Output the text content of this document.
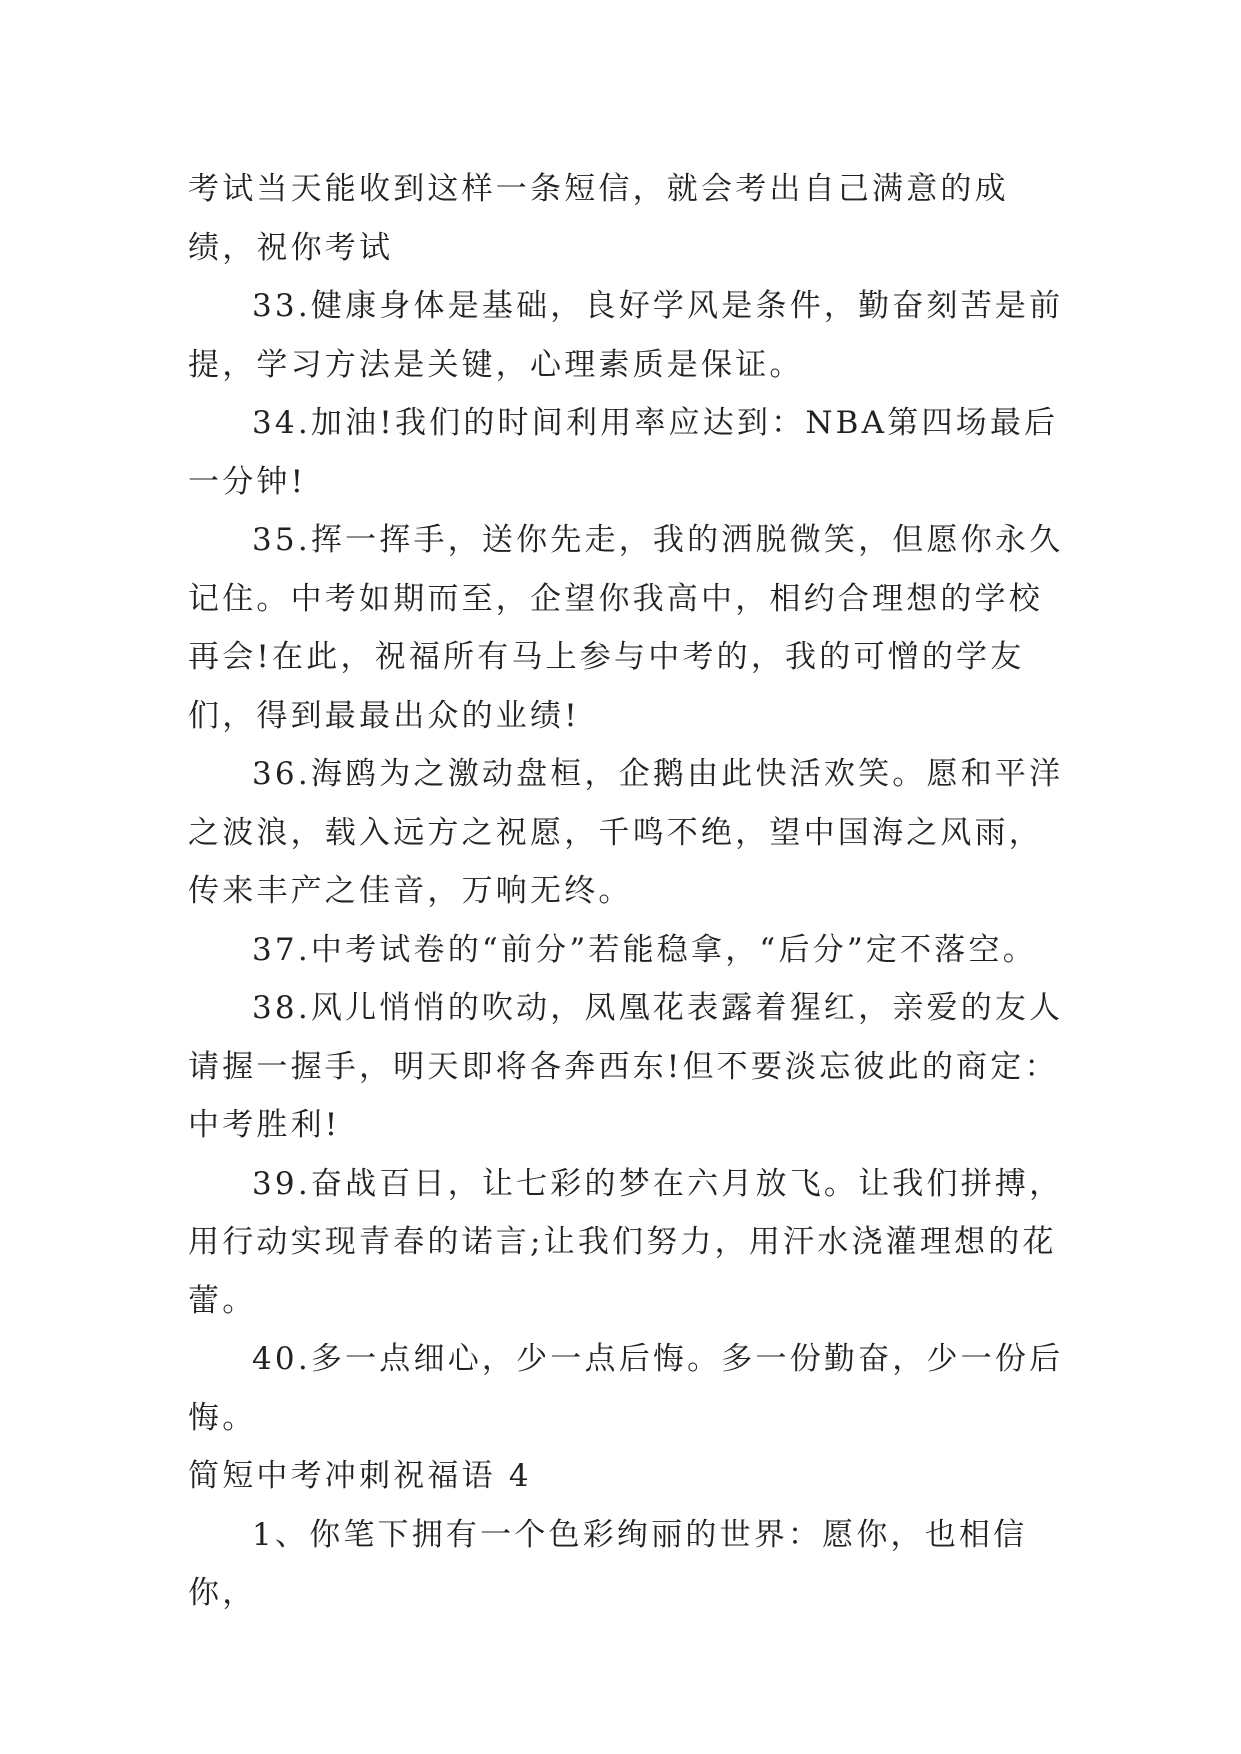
考试当天能收到这样一条短信，就会考出自己满意的成绩，祝你考试

33.健康身体是基础，良好学风是条件，勤奋刻苦是前提，学习方法是关键，心理素质是保证。

34.加油!我们的时间利用率应达到：NBA第四场最后一分钟!

35.挥一挥手，送你先走，我的洒脱微笑，但愿你永久记住。中考如期而至，企望你我高中，相约合理想的学校再会!在此，祝福所有马上参与中考的，我的可憎的学友们，得到最最出众的业绩!

36.海鸥为之激动盘桓，企鹅由此快活欢笑。愿和平洋之波浪，载入远方之祝愿，千鸣不绝，望中国海之风雨，传来丰产之佳音，万响无终。

37.中考试卷的“前分”若能稳拿，“后分”定不落空。

38.风儿悄悄的吹动，凤凰花表露着猩红，亲爱的友人请握一握手，明天即将各奔西东!但不要淡忘彼此的商定：中考胜利!

39.奋战百日，让七彩的梦在六月放飞。让我们拼搏，用行动实现青春的诺言;让我们努力，用汗水浇灌理想的花蕾。

40.多一点细心，少一点后悔。多一份勤奋，少一份后悔。

简短中考冲刺祝福语 4

1、你笔下拥有一个色彩绚丽的世界：愿你，也相信你，
